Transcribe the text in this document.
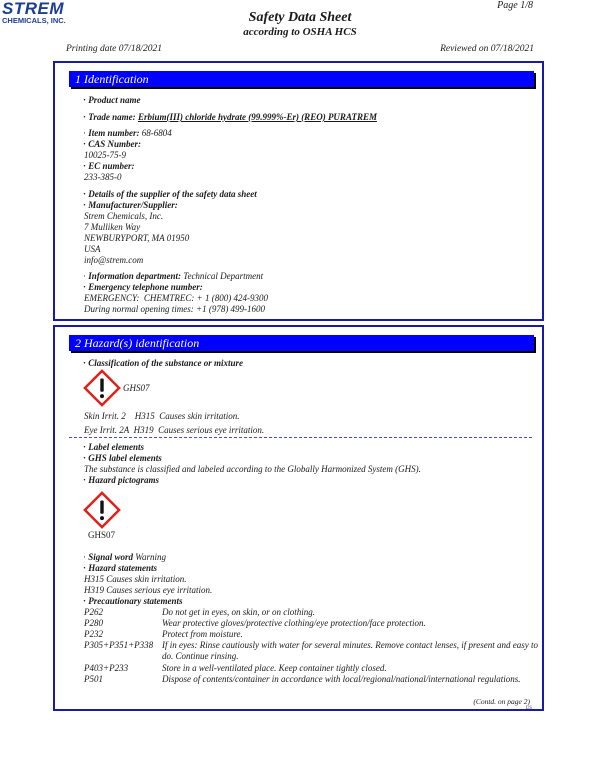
STREM
CHEMICALS, INC.
Page 1/8
Safety Data Sheet
according to OSHA HCS
Printing date 07/18/2021	Reviewed on 07/18/2021
1 Identification
· Product name
· Trade name: Erbium(III) chloride hydrate (99.999%-Er) (REO) PURATREM
· Item number: 68-6804
· CAS Number:
10025-75-9
· EC number:
233-385-0
· Details of the supplier of the safety data sheet
· Manufacturer/Supplier:
Strem Chemicals, Inc.
7 Mulliken Way
NEWBURYPORT, MA 01950
USA
info@strem.com
· Information department: Technical Department
· Emergency telephone number:
EMERGENCY:  CHEMTREC: + 1 (800) 424-9300
During normal opening times: +1 (978) 499-1600
2 Hazard(s) identification
· Classification of the substance or mixture
GHS07
Skin Irrit. 2 H315 Causes skin irritation.
Eye Irrit. 2A H319 Causes serious eye irritation.
· Label elements
· GHS label elements
The substance is classified and labeled according to the Globally Harmonized System (GHS).
· Hazard pictograms
GHS07
· Signal word Warning
· Hazard statements
H315 Causes skin irritation.
H319 Causes serious eye irritation.
· Precautionary statements
P262	Do not get in eyes, on skin, or on clothing.
P280	Wear protective gloves/protective clothing/eye protection/face protection.
P232	Protect from moisture.
P305+P351+P338 If in eyes: Rinse cautiously with water for several minutes. Remove contact lenses, if present and easy to do. Continue rinsing.
P403+P233	Store in a well-ventilated place. Keep container tightly closed.
P501	Dispose of contents/container in accordance with local/regional/national/international regulations.
(Contd. on page 2)
US
